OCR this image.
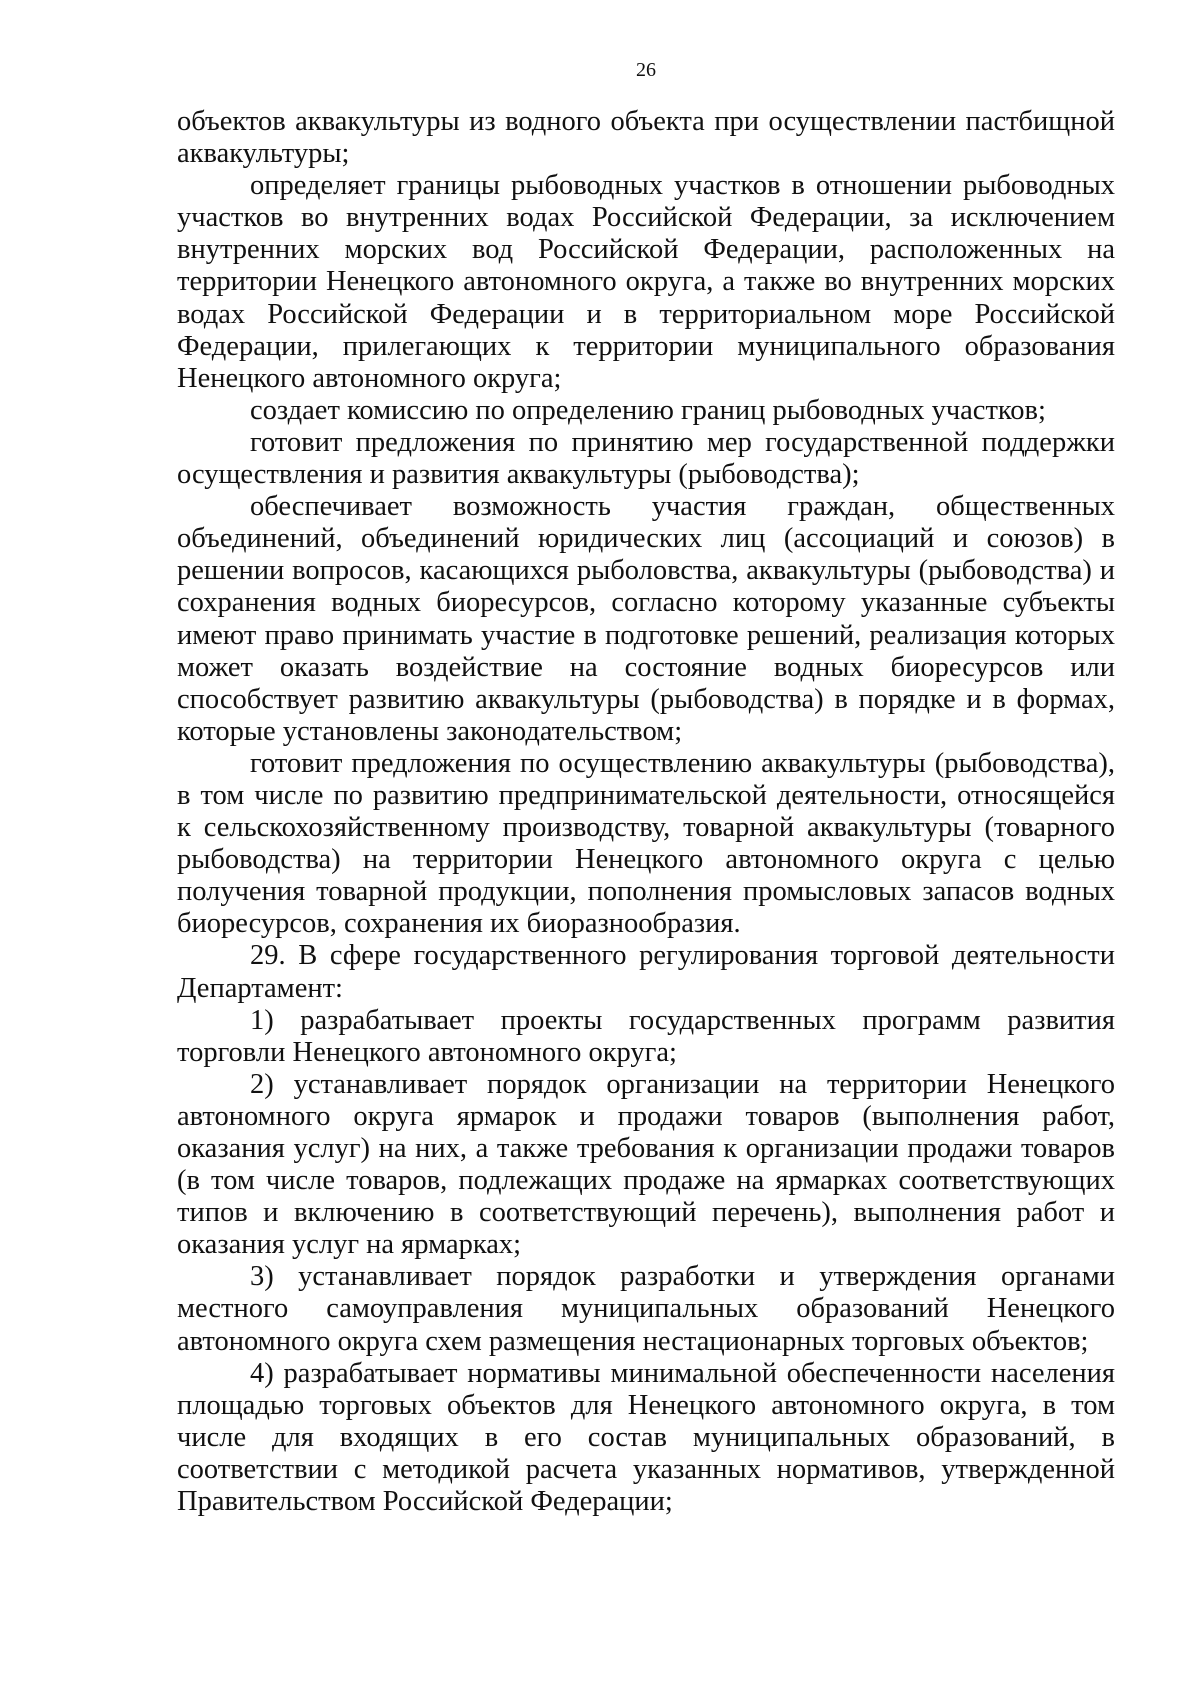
26

объектов аквакультуры из водного объекта при осуществлении пастбищной аквакультуры;

определяет границы рыбоводных участков в отношении рыбоводных участков во внутренних водах Российской Федерации, за исключением внутренних морских вод Российской Федерации, расположенных на территории Ненецкого автономного округа, а также во внутренних морских водах Российской Федерации и в территориальном море Российской Федерации, прилегающих к территории муниципального образования Ненецкого автономного округа;

создает комиссию по определению границ рыбоводных участков;

готовит предложения по принятию мер государственной поддержки осуществления и развития аквакультуры (рыбоводства);

обеспечивает возможность участия граждан, общественных объединений, объединений юридических лиц (ассоциаций и союзов) в решении вопросов, касающихся рыболовства, аквакультуры (рыбоводства) и сохранения водных биоресурсов, согласно которому указанные субъекты имеют право принимать участие в подготовке решений, реализация которых может оказать воздействие на состояние водных биоресурсов или способствует развитию аквакультуры (рыбоводства) в порядке и в формах, которые установлены законодательством;

готовит предложения по осуществлению аквакультуры (рыбоводства), в том числе по развитию предпринимательской деятельности, относящейся к сельскохозяйственному производству, товарной аквакультуры (товарного рыбоводства) на территории Ненецкого автономного округа с целью получения товарной продукции, пополнения промысловых запасов водных биоресурсов, сохранения их биоразнообразия.

29. В сфере государственного регулирования торговой деятельности Департамент:

1) разрабатывает проекты государственных программ развития торговли Ненецкого автономного округа;

2) устанавливает порядок организации на территории Ненецкого автономного округа ярмарок и продажи товаров (выполнения работ, оказания услуг) на них, а также требования к организации продажи товаров (в том числе товаров, подлежащих продаже на ярмарках соответствующих типов и включению в соответствующий перечень), выполнения работ и оказания услуг на ярмарках;

3) устанавливает порядок разработки и утверждения органами местного самоуправления муниципальных образований Ненецкого автономного округа схем размещения нестационарных торговых объектов;

4) разрабатывает нормативы минимальной обеспеченности населения площадью торговых объектов для Ненецкого автономного округа, в том числе для входящих в его состав муниципальных образований, в соответствии с методикой расчета указанных нормативов, утвержденной Правительством Российской Федерации;
